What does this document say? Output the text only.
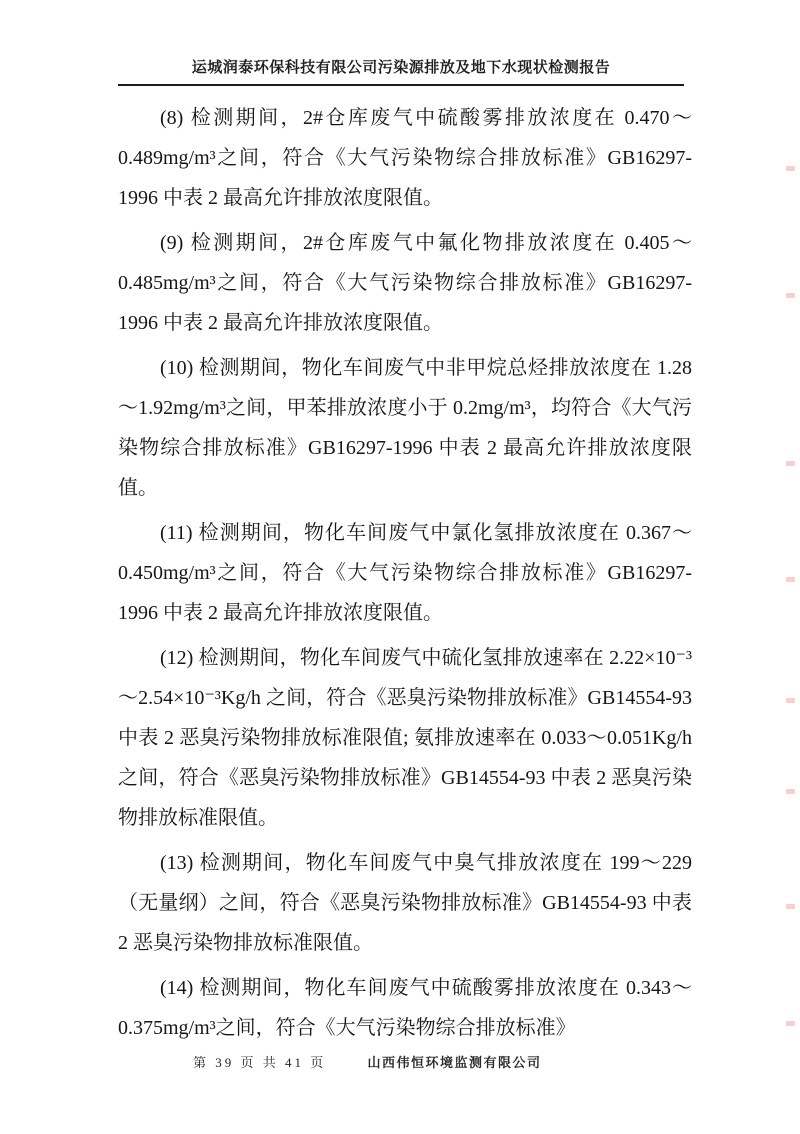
运城润泰环保科技有限公司污染源排放及地下水现状检测报告

(8) 检测期间，2#仓库废气中硫酸雾排放浓度在 0.470～0.489mg/m³之间，符合《大气污染物综合排放标准》GB16297-1996 中表 2 最高允许排放浓度限值。

(9) 检测期间，2#仓库废气中氟化物排放浓度在 0.405～0.485mg/m³之间，符合《大气污染物综合排放标准》GB16297-1996 中表 2 最高允许排放浓度限值。

(10) 检测期间，物化车间废气中非甲烷总烃排放浓度在 1.28～1.92mg/m³之间，甲苯排放浓度小于 0.2mg/m³，均符合《大气污染物综合排放标准》GB16297-1996 中表 2 最高允许排放浓度限值。

(11) 检测期间，物化车间废气中氯化氢排放浓度在 0.367～0.450mg/m³之间，符合《大气污染物综合排放标准》GB16297-1996 中表 2 最高允许排放浓度限值。

(12) 检测期间，物化车间废气中硫化氢排放速率在 2.22×10⁻³～2.54×10⁻³Kg/h 之间，符合《恶臭污染物排放标准》GB14554-93 中表 2 恶臭污染物排放标准限值; 氨排放速率在 0.033～0.051Kg/h 之间，符合《恶臭污染物排放标准》GB14554-93 中表 2 恶臭污染物排放标准限值。

(13) 检测期间，物化车间废气中臭气排放浓度在 199～229（无量纲）之间，符合《恶臭污染物排放标准》GB14554-93 中表 2 恶臭污染物排放标准限值。

(14) 检测期间，物化车间废气中硫酸雾排放浓度在 0.343～0.375mg/m³之间，符合《大气污染物综合排放标准》

第 39 页 共 41 页	山西伟恒环境监测有限公司
